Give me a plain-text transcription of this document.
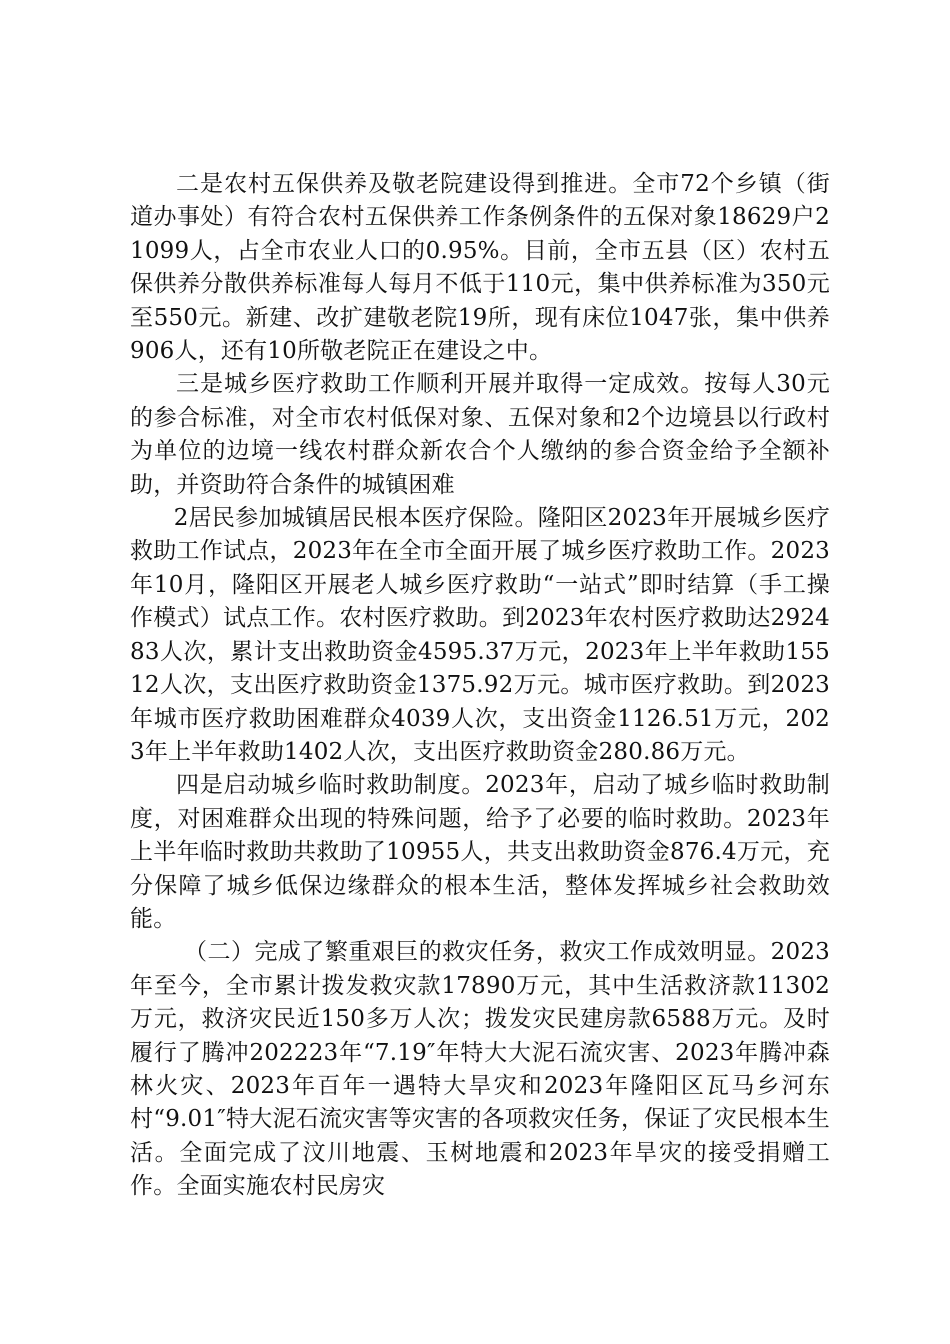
二是农村五保供养及敬老院建设得到推进。全市72个乡镇（街道办事处）有符合农村五保供养工作条例条件的五保对象18629户21099人，占全市农业人口的0.95%。目前，全市五县（区）农村五保供养分散供养标准每人每月不低于110元，集中供养标准为350元至550元。新建、改扩建敬老院19所，现有床位1047张，集中供养906人，还有10所敬老院正在建设之中。

三是城乡医疗救助工作顺利开展并取得一定成效。按每人30元的参合标准，对全市农村低保对象、五保对象和2个边境县以行政村为单位的边境一线农村群众新农合个人缴纳的参合资金给予全额补助，并资助符合条件的城镇困难

2居民参加城镇居民根本医疗保险。隆阳区2023年开展城乡医疗救助工作试点，2023年在全市全面开展了城乡医疗救助工作。2023年10月，隆阳区开展老人城乡医疗救助“一站式”即时结算（手工操作模式）试点工作。农村医疗救助。到2023年农村医疗救助达292483人次，累计支出救助资金4595.37万元，2023年上半年救助15512人次，支出医疗救助资金1375.92万元。城市医疗救助。到2023年城市医疗救助困难群众4039人次，支出资金1126.51万元，2023年上半年救助1402人次，支出医疗救助资金280.86万元。

四是启动城乡临时救助制度。2023年，启动了城乡临时救助制度，对困难群众出现的特殊问题，给予了必要的临时救助。2023年上半年临时救助共救助了10955人，共支出救助资金876.4万元，充分保障了城乡低保边缘群众的根本生活，整体发挥城乡社会救助效能。

（二）完成了繁重艰巨的救灾任务，救灾工作成效明显。2023年至今，全市累计拨发救灾款17890万元，其中生活救济款11302万元，救济灾民近150多万人次；拨发灾民建房款6588万元。及时履行了腾冲202223年“7.19″年特大大泥石流灾害、2023年腾冲森林火灾、2023年百年一遇特大旱灾和2023年隆阳区瓦马乡河东村“9.01″特大泥石流灾害等灾害的各项救灾任务，保证了灾民根本生活。全面完成了汶川地震、玉树地震和2023年旱灾的接受捐赠工作。全面实施农村民房灾
